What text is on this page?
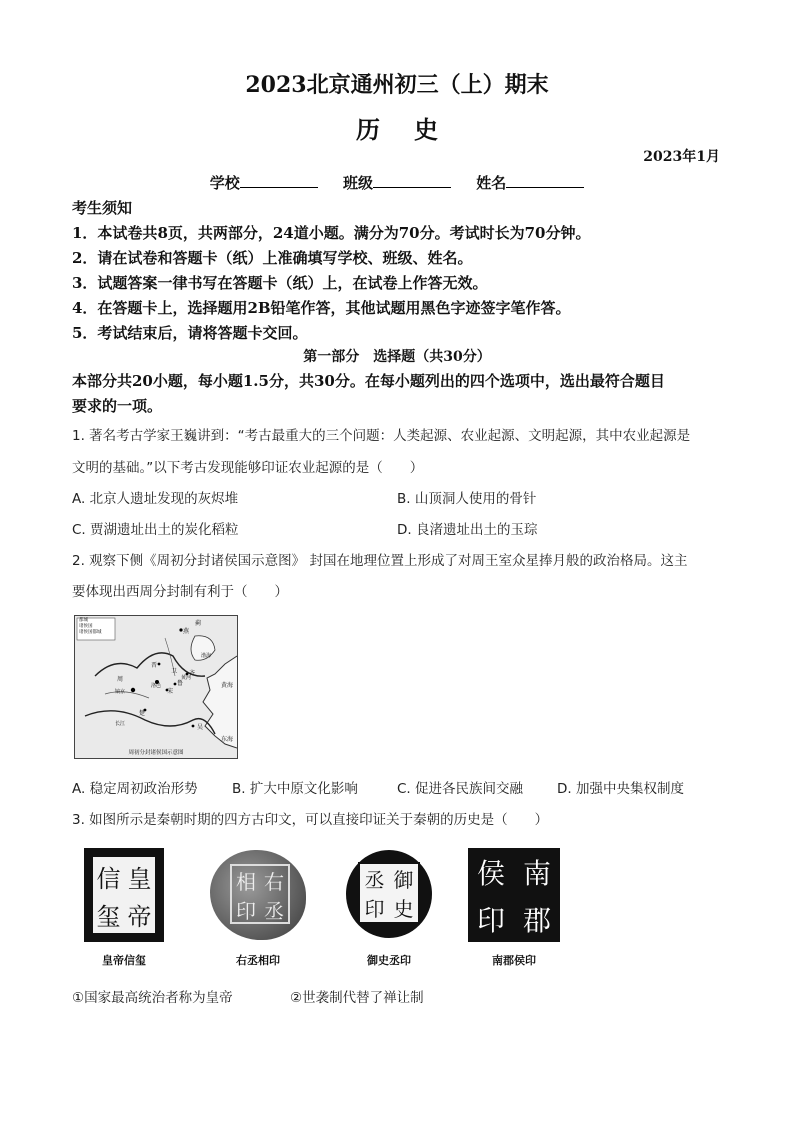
2023北京通州初三（上）期末
历史
2023年1月
学校	班级	姓名
考生须知
1．本试卷共8页，共两部分，24道小题。满分为70分。考试时长为70分钟。
2．请在试卷和答题卡（纸）上准确填写学校、班级、姓名。
3．试题答案一律书写在答题卡（纸）上，在试卷上作答无效。
4．在答题卡上，选择题用2B铅笔作答，其他试题用黑色字迹签字笔作答。
5．考试结束后，请将答题卡交回。
第一部分　选择题（共30分）
本部分共20小题，每小题1.5分，共30分。在每小题列出的四个选项中，选出最符合题目
要求的一项。
1. 著名考古学家王巍讲到：“考古最重大的三个问题：人类起源、农业起源、文明起源，其中农业起源是
文明的基础。”以下考古发现能够印证农业起源的是（　　）
A. 北京人遗址发现的灰烬堆	B. 山顶洞人使用的骨针
C. 贾湖遗址出土的炭化稻粒	D. 良渚遗址出土的玉琮
2. 观察下侧《周初分封诸侯国示意图》 封国在地理位置上形成了对周王室众星捧月般的政治格局。这主
要体现出西周分封制有利于（　　）
都城
诸侯国
诸侯国都城	燕
蓟
晋
卫 齐
鲁
宋
周
镐京
洛邑
楚
吴
黄河
长江
渤海
黄海
东海
周初分封诸侯国示意图
A. 稳定周初政治形势	B. 扩大中原文化影响	C. 促进各民族间交融	D. 加强中央集权制度
3. 如图所示是秦朝时期的四方古印文，可以直接印证关于秦朝的历史是（　　）
信 皇
玺 帝
皇帝信玺
相 右
印 丞
右丞相印
丞 御
印 史
御史丞印
侯 南
印 郡
南郡侯印
①国家最高统治者称为皇帝	②世袭制代替了禅让制
